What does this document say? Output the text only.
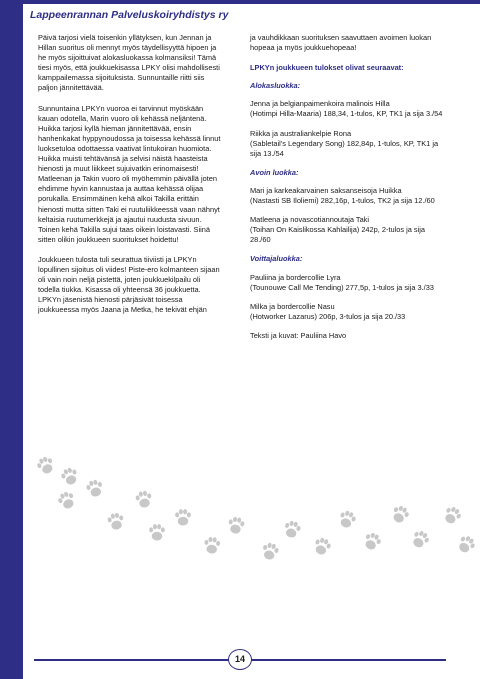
Lappeenrannan Palveluskoiryhdistys ry

Päivä tarjosi vielä toisenkin yllätyksen, kun Jennan ja Hillan suoritus oli mennyt myös täydellisyyttä hipoen ja he myös sijoittuivat alokasluokassa kolmansiksi! Tämä tiesi myös, että joukkuekisassa LPKY olisi mahdollisesti kamppailemassa sijoituksista. Sunnuntaille riitti siis paljon jännitettävää.

Sunnuntaina LPKYn vuoroa ei tarvinnut myöskään kauan odotella, Marin vuoro oli kehässä neljäntenä. Huikka tarjosi kyllä hieman jännitettävää, ensin hanhenkakat hyppynoudossa ja toisessa kehässä linnut luoksetuloa odottaessa vaativat lintukoiran huomiota. Huikka muisti tehtävänsä ja selvisi näistä haasteista hienosti ja muut liikkeet sujuivatkin erinomaisesti! Matleenan ja Takin vuoro oli myöhemmin päivällä joten ehdimme hyvin kannustaa ja auttaa kehässä olijaa porukalla. Ensimmäinen kehä alkoi Takilla erittäin hienosti mutta sitten Taki ei ruutuliikkeessä vaan nähnyt keltaisia ruutumerkkejä ja ajautui ruudusta sivuun. Toinen kehä Takilla sujui taas oikein loistavasti. Siinä sitten olikin joukkueen suoritukset hoidettu!

Joukkueen tulosta tuli seurattua tiiviisti ja LPKYn lopullinen sijoitus oli viides! Piste-ero kolmanteen sijaan oli vain noin neljä pistettä, joten joukkuekilpailu oli todella tiukka. Kisassa oli yhteensä 36 joukkuetta. LPKYn jäsenistä hienosti pärjäsivät toisessa joukkueessa myös Jaana ja Metka, he tekivät ehjän

ja vauhdikkaan suorituksen saavuttaen avoimen luokan hopeaa ja myös joukkuehopeaa!

LPKYn joukkueen tulokset olivat seuraavat:

Alokasluokka:

Jenna ja belgianpaimenkoira malinois Hilla
(Hotimpi Hilla-Maaria) 188,34, 1-tulos, KP, TK1 ja sija 3./54
Riikka ja australiankelpie Rona
(Sabletail's Legendary Song) 182,84p, 1-tulos, KP, TK1 ja sija 13./54

Avoin luokka:

Mari ja karkeakarvainen saksanseisoja Huikka
(Nastasti SB Iloliemi) 282,16p, 1-tulos, TK2 ja sija 12./60
Matleena ja novascotiannoutaja Taki
(Toihan On Kaislikossa Kahlailija) 242p, 2-tulos ja sija 28./60

Voittajaluokka:

Pauliina ja bordercollie Lyra
(Tounouwe Call Me Tending) 277,5p, 1-tulos ja sija 3./33
Milka ja bordercollie Nasu
(Hotworker Lazarus) 206p, 3-tulos ja sija 20./33

Teksti ja kuvat: Pauliina Havo

14
